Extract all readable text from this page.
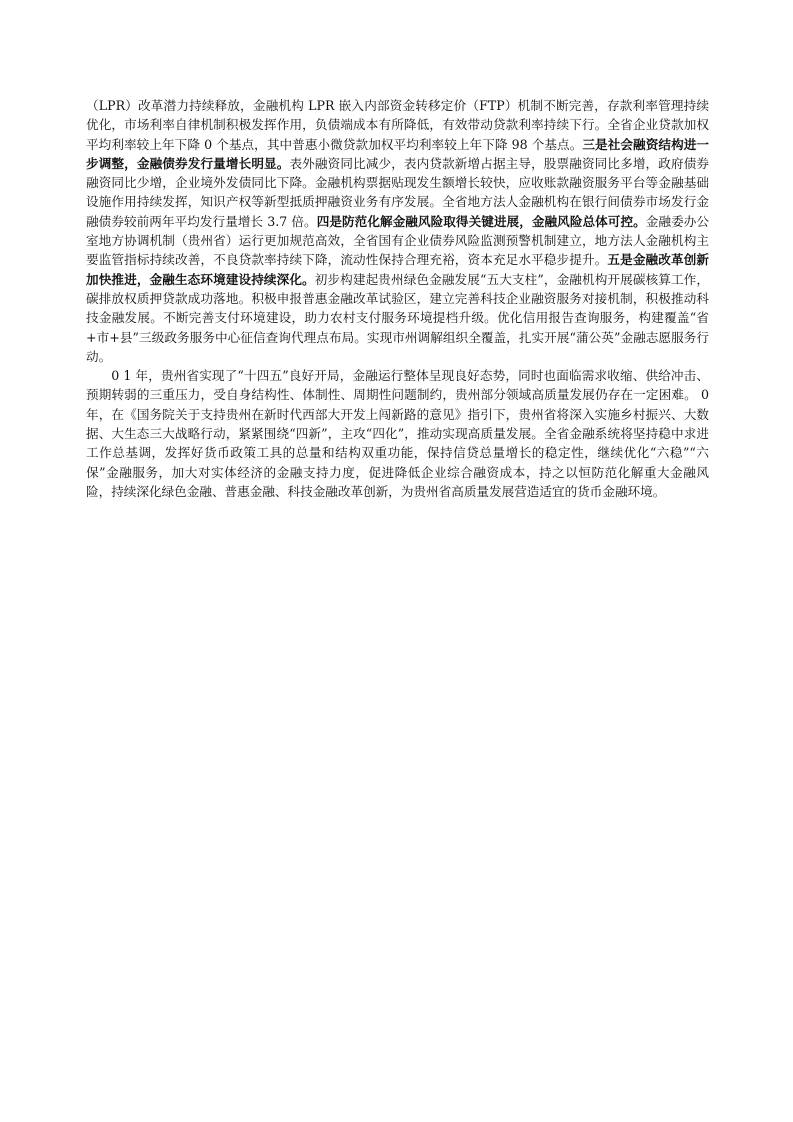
（LPR）改革潜力持续释放，金融机构 LPR 嵌入内部资金转移定价（FTP）机制不断完善，存款利率管理持续优化，市场利率自律机制积极发挥作用，负债端成本有所降低，有效带动贷款利率持续下行。全省企业贷款加权平均利率较上年下降 0 个基点，其中普惠小微贷款加权平均利率较上年下降 98 个基点。三是社会融资结构进一步调整，金融债券发行量增长明显。表外融资同比减少，表内贷款新增占据主导，股票融资同比多增，政府债券融资同比少增，企业境外发债同比下降。金融机构票据贴现发生额增长较快，应收账款融资服务平台等金融基础设施作用持续发挥，知识产权等新型抵质押融资业务有序发展。全省地方法人金融机构在银行间债券市场发行金融债券较前两年平均发行量增长 3.7 倍。四是防范化解金融风险取得关键进展，金融风险总体可控。金融委办公室地方协调机制（贵州省）运行更加规范高效，全省国有企业债券风险监测预警机制建立，地方法人金融机构主要监管指标持续改善，不良贷款率持续下降，流动性保持合理充裕，资本充足水平稳步提升。五是金融改革创新加快推进，金融生态环境建设持续深化。初步构建起贵州绿色金融发展“五大支柱”，金融机构开展碳核算工作，碳排放权质押贷款成功落地。积极申报普惠金融改革试验区，建立完善科技企业融资服务对接机制，积极推动科技金融发展。不断完善支付环境建设，助力农村支付服务环境提档升级。优化信用报告查询服务，构建覆盖“省+市+县”三级政务服务中心征信查询代理点布局。实现市州调解组织全覆盖，扎实开展“蒲公英”金融志愿服务行动。

0 1 年，贵州省实现了“十四五”良好开局，金融运行整体呈现良好态势，同时也面临需求收缩、供给冲击、预期转弱的三重压力，受自身结构性、体制性、周期性问题制约，贵州部分领域高质量发展仍存在一定困难。 0 年，在《国务院关于支持贵州在新时代西部大开发上闯新路的意见》指引下，贵州省将深入实施乡村振兴、大数据、大生态三大战略行动，紧紧围绕“四新”，主攻“四化”，推动实现高质量发展。全省金融系统将坚持稳中求进工作总基调，发挥好货币政策工具的总量和结构双重功能，保持信贷总量增长的稳定性，继续优化“六稳”“六保”金融服务，加大对实体经济的金融支持力度，促进降低企业综合融资成本，持之以恒防范化解重大金融风险，持续深化绿色金融、普惠金融、科技金融改革创新，为贵州省高质量发展营造适宜的货币金融环境。
